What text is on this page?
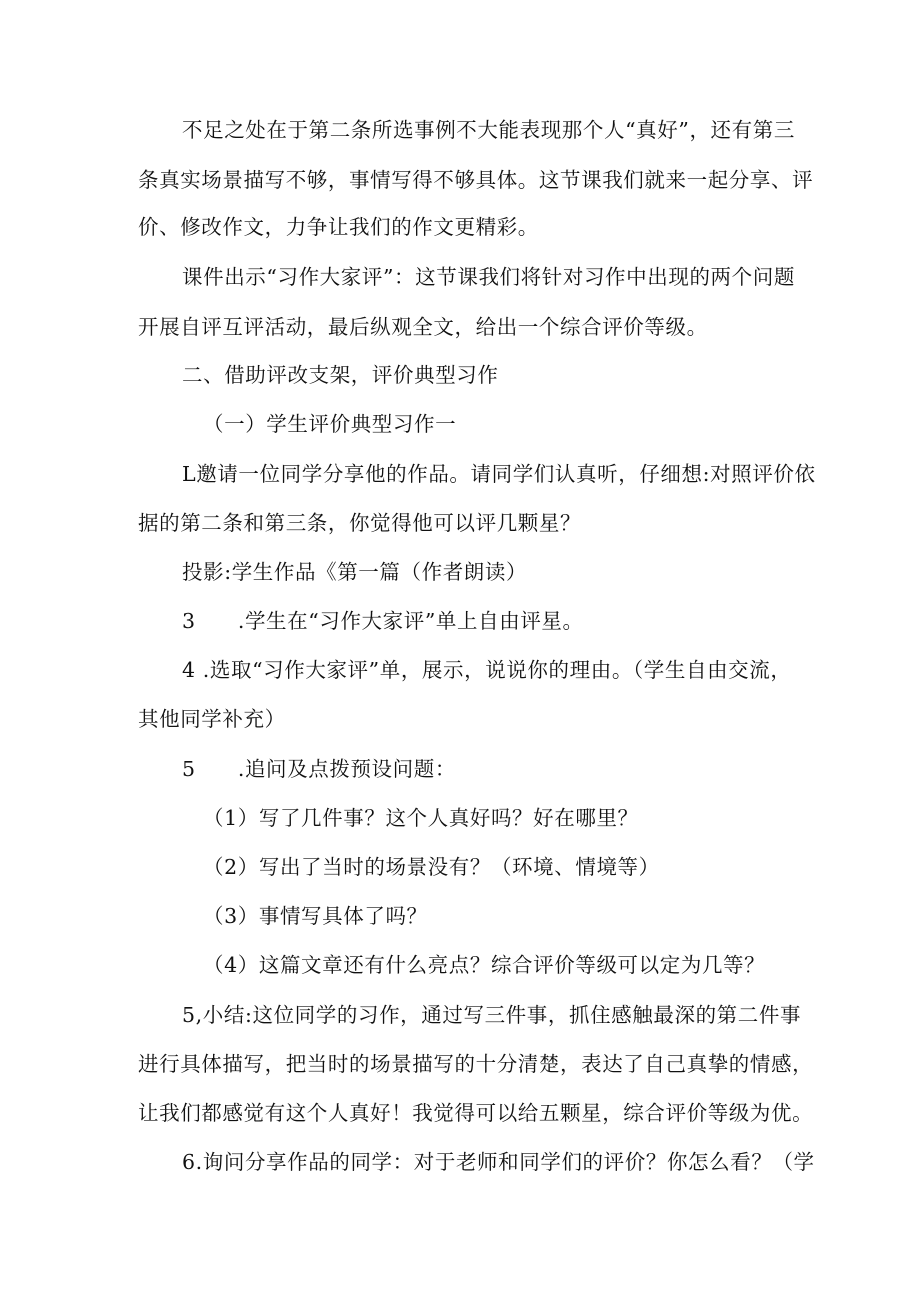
不足之处在于第二条所选事例不大能表现那个人“真好”，还有第三
条真实场景描写不够，事情写得不够具体。这节课我们就来一起分享、评
价、修改作文，力争让我们的作文更精彩。
课件出示“习作大家评”：这节课我们将针对习作中出现的两个问题
开展自评互评活动，最后纵观全文，给出一个综合评价等级。
二、借助评改支架，评价典型习作
（一）学生评价典型习作一
L邀请一位同学分享他的作品。请同学们认真听，仔细想:对照评价依
据的第二条和第三条，你觉得他可以评几颗星？
投影:学生作品《第一篇（作者朗读）
3　　.学生在“习作大家评”单上自由评星。
4 .选取“习作大家评”单，展示，说说你的理由。（学生自由交流，
其他同学补充）
5　　.追问及点拨预设问题：
（1）写了几件事？这个人真好吗？好在哪里？
（2）写出了当时的场景没有？（环境、情境等）
（3）事情写具体了吗？
（4）这篇文章还有什么亮点？综合评价等级可以定为几等？
5,小结:这位同学的习作，通过写三件事，抓住感触最深的第二件事
进行具体描写，把当时的场景描写的十分清楚，表达了自己真挚的情感，
让我们都感觉有这个人真好！我觉得可以给五颗星，综合评价等级为优。
6.询问分享作品的同学：对于老师和同学们的评价？你怎么看？（学
